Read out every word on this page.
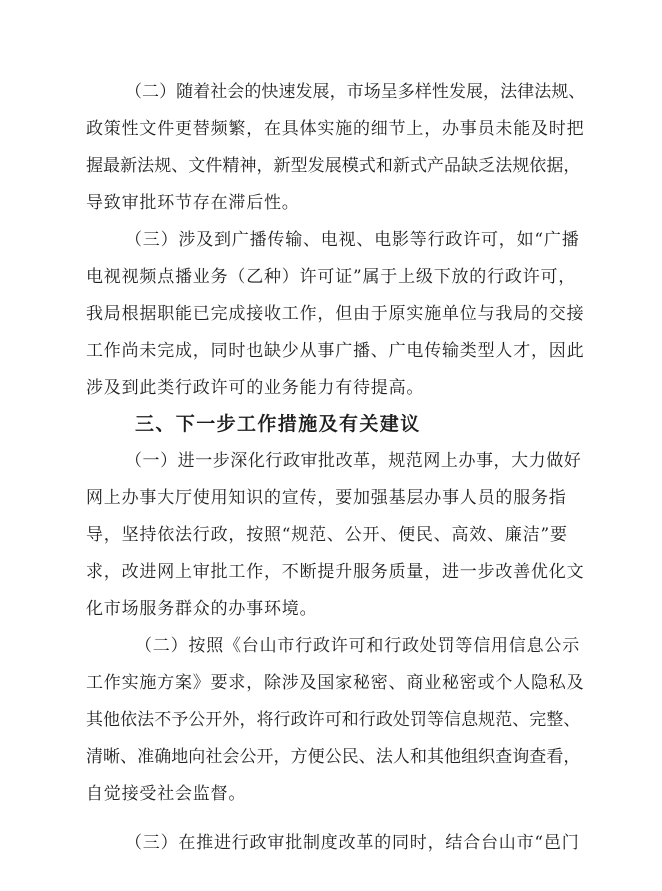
（二）随着社会的快速发展，市场呈多样性发展，法律法规、
政策性文件更替频繁，在具体实施的细节上，办事员未能及时把
握最新法规、文件精神，新型发展模式和新式产品缺乏法规依据，
导致审批环节存在滞后性。
（三）涉及到广播传输、电视、电影等行政许可，如“广播
电视视频点播业务（乙种）许可证”属于上级下放的行政许可，
我局根据职能已完成接收工作，但由于原实施单位与我局的交接
工作尚未完成，同时也缺少从事广播、广电传输类型人才，因此
涉及到此类行政许可的业务能力有待提高。
三、下一步工作措施及有关建议
（一）进一步深化行政审批改革，规范网上办事，大力做好
网上办事大厅使用知识的宣传，要加强基层办事人员的服务指
导，坚持依法行政，按照“规范、公开、便民、高效、廉洁”要
求，改进网上审批工作，不断提升服务质量，进一步改善优化文
化市场服务群众的办事环境。
（二）按照《台山市行政许可和行政处罚等信用信息公示
工作实施方案》要求，除涉及国家秘密、商业秘密或个人隐私及
其他依法不予公开外，将行政许可和行政处罚等信息规范、完整、
清晰、准确地向社会公开，方便公民、法人和其他组织查询查看，
自觉接受社会监督。
（三）在推进行政审批制度改革的同时，结合台山市“邑门
